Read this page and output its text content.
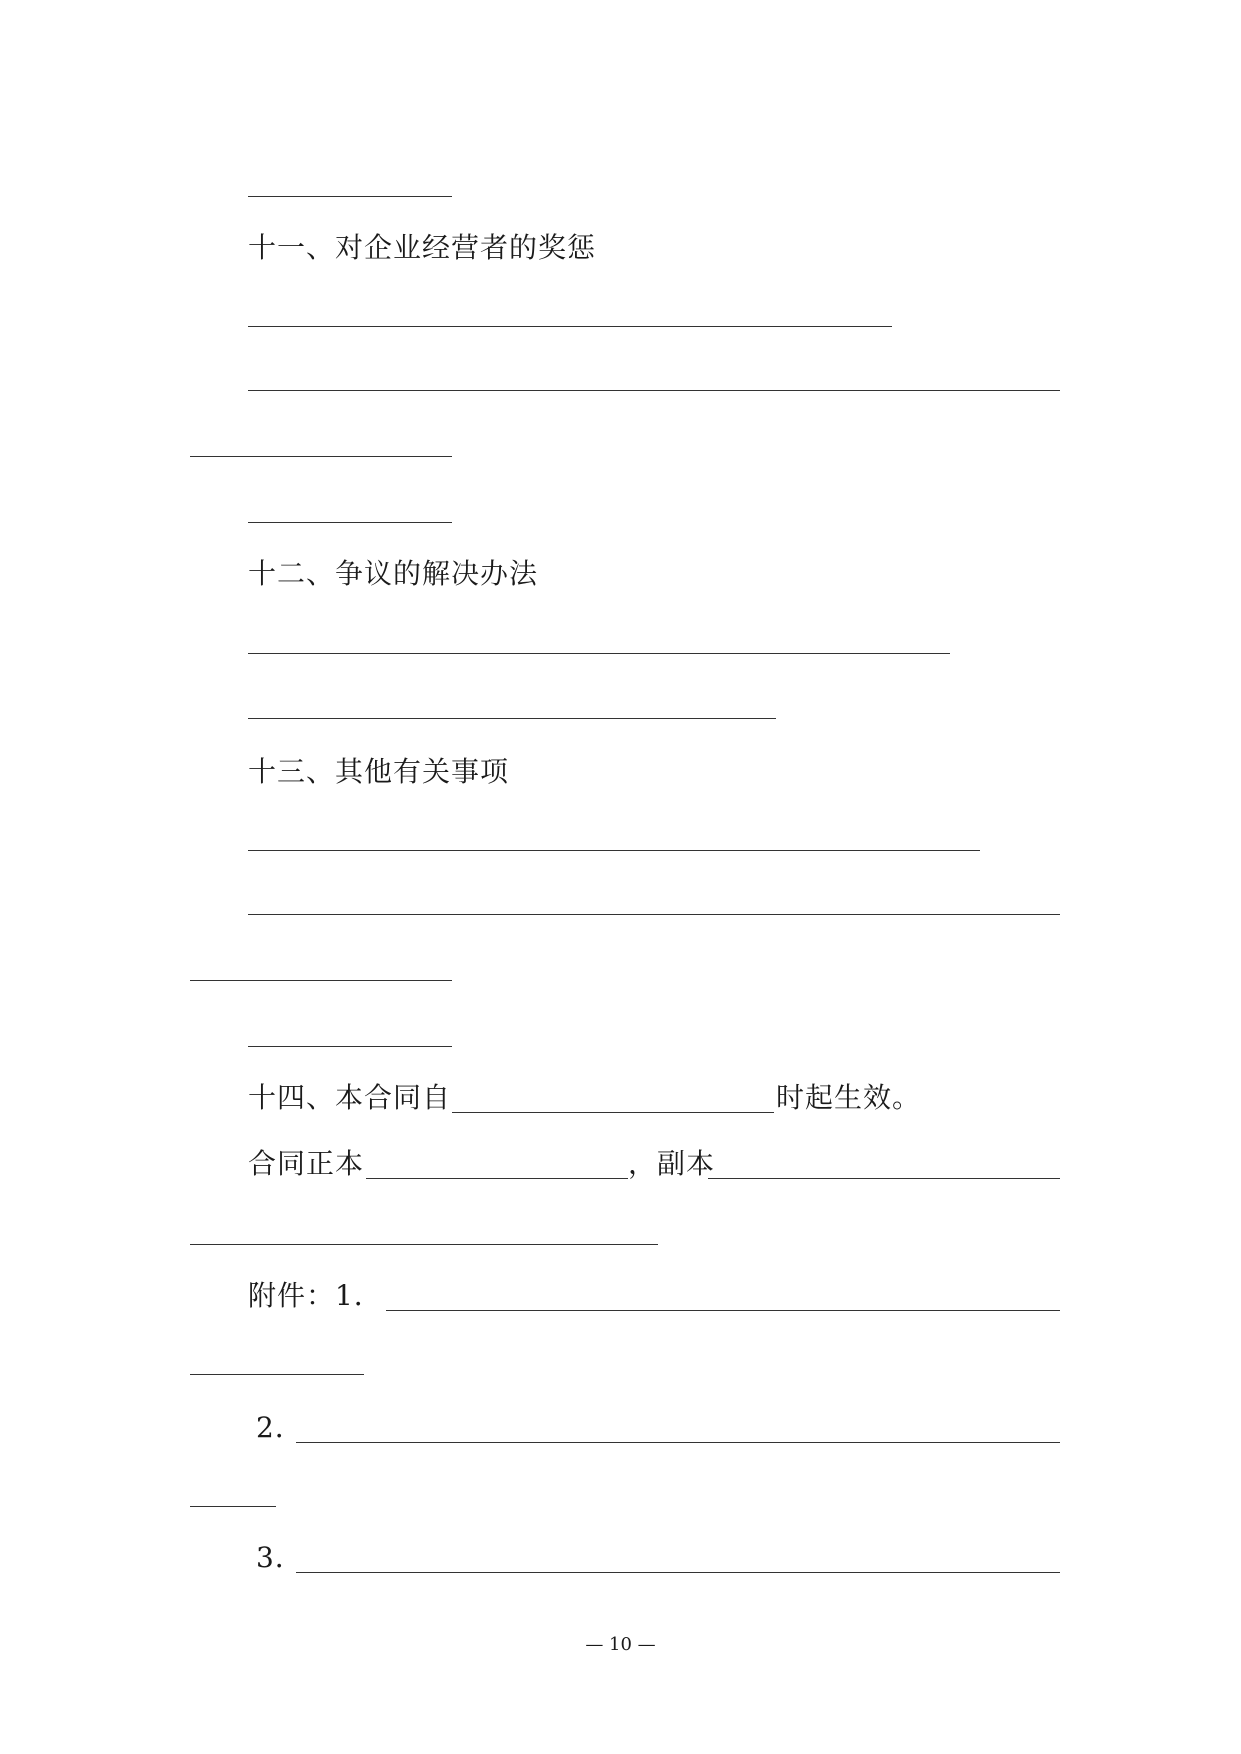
十一、对企业经营者的奖惩
十二、争议的解决办法
十三、其他有关事项
十四、本合同自	时起生效。
合同正本	，副本
附件：1．
2．
3．
— 10 —
